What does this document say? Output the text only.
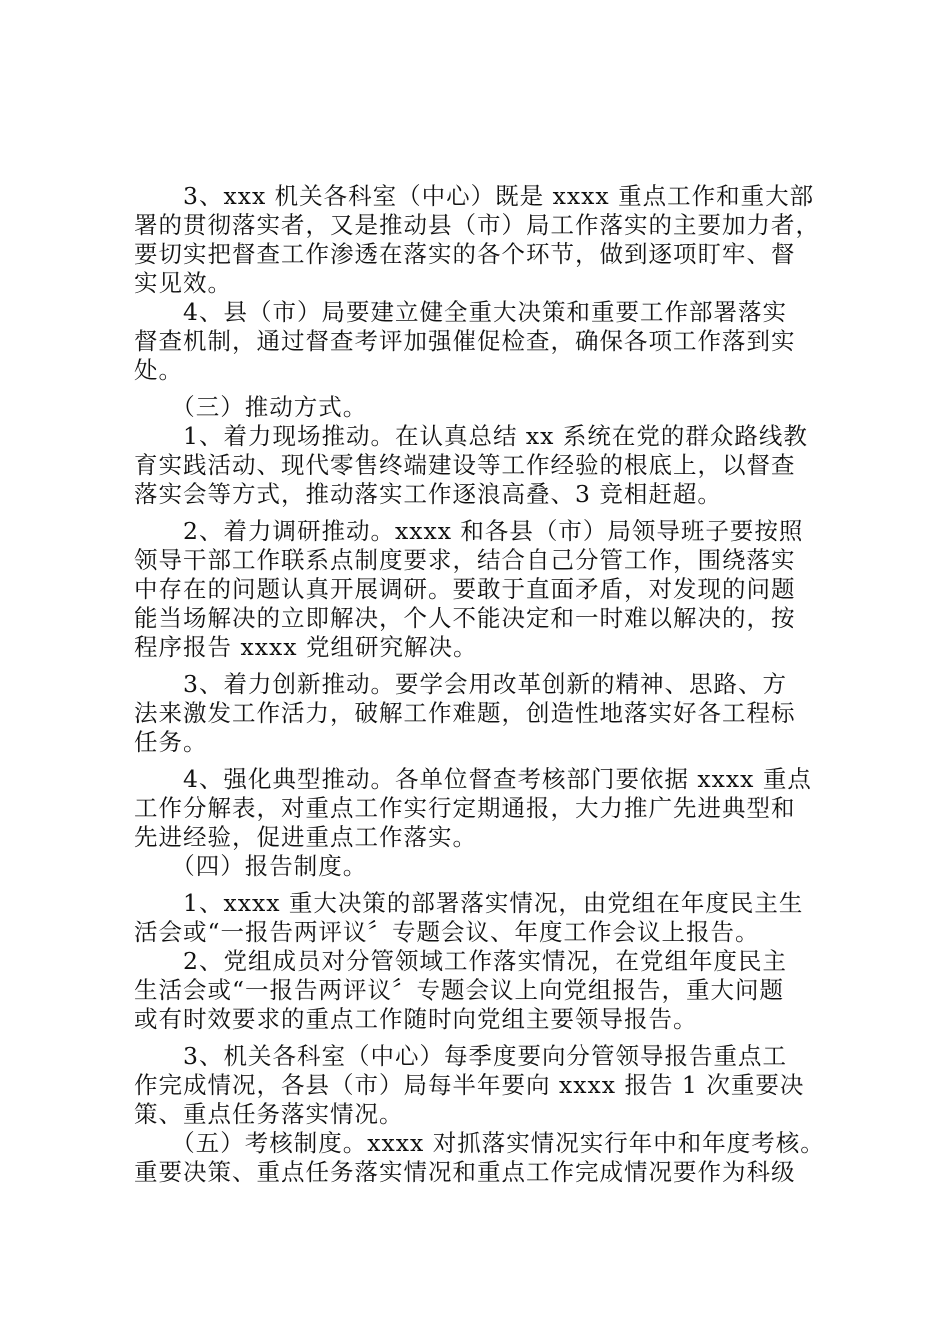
　　3、xxx 机关各科室（中心）既是 xxxx 重点工作和重大部
署的贯彻落实者，又是推动县（市）局工作落实的主要加力者，
要切实把督查工作渗透在落实的各个环节，做到逐项盯牢、督
实见效。
　　4、县（市）局要建立健全重大决策和重要工作部署落实
督查机制，通过督查考评加强催促检查，确保各项工作落到实
处。
　　（三）推动方式。
　　1、着力现场推动。在认真总结 xx 系统在党的群众路线教
育实践活动、现代零售终端建设等工作经验的根底上，以督查
落实会等方式，推动落实工作逐浪高叠、3 竞相赶超。
　　2、着力调研推动。xxxx 和各县（市）局领导班子要按照
领导干部工作联系点制度要求，结合自己分管工作，围绕落实
中存在的问题认真开展调研。要敢于直面矛盾，对发现的问题
能当场解决的立即解决，个人不能决定和一时难以解决的，按
程序报告 xxxx 党组研究解决。
　　3、着力创新推动。要学会用改革创新的精神、思路、方
法来激发工作活力，破解工作难题，创造性地落实好各工程标
任务。
　　4、强化典型推动。各单位督查考核部门要依据 xxxx 重点
工作分解表，对重点工作实行定期通报，大力推广先进典型和
先进经验，促进重点工作落实。
　　（四）报告制度。
　　1、xxxx 重大决策的部署落实情况，由党组在年度民主生
活会或“一报告两评议〞专题会议、年度工作会议上报告。
　　2、党组成员对分管领域工作落实情况，在党组年度民主
生活会或“一报告两评议〞专题会议上向党组报告，重大问题
或有时效要求的重点工作随时向党组主要领导报告。
　　3、机关各科室（中心）每季度要向分管领导报告重点工
作完成情况，各县（市）局每半年要向 xxxx 报告 1 次重要决
策、重点任务落实情况。
　　（五）考核制度。xxxx 对抓落实情况实行年中和年度考核。
重要决策、重点任务落实情况和重点工作完成情况要作为科级
